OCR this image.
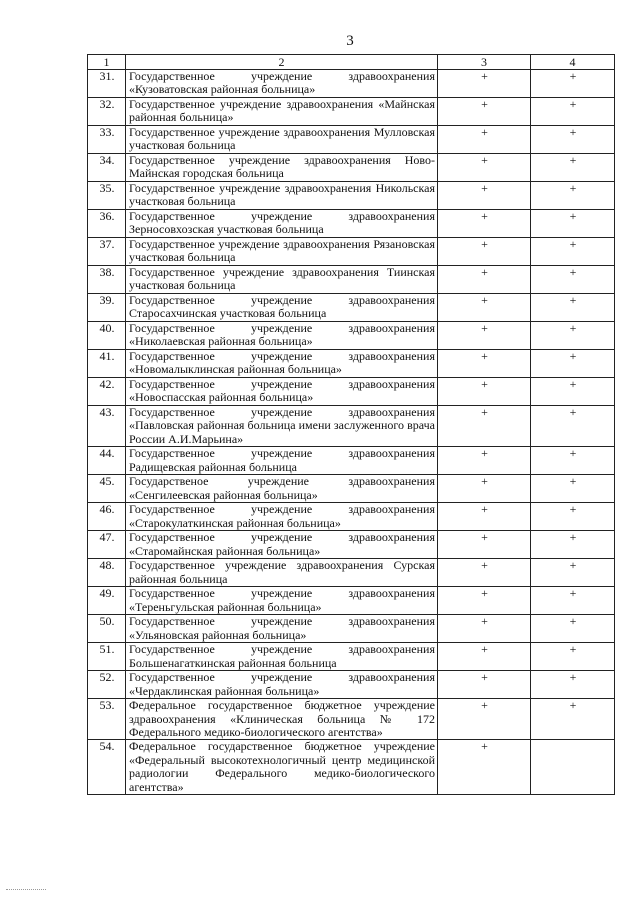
3
1	2	3	4
31.	Государственное учреждение здравоохранения «Кузоватовская районная больница»	+	+
32.	Государственное учреждение здравоохранения «Майнская районная больница»	+	+
33.	Государственное учреждение здравоохранения Мулловская участковая больница	+	+
34.	Государственное учреждение здравоохранения Ново-Майнская городская больница	+	+
35.	Государственное учреждение здравоохранения Никольская участковая больница	+	+
36.	Государственное учреждение здравоохранения Зерносовхозская участковая больница	+	+
37.	Государственное учреждение здравоохранения Рязановская участковая больница	+	+
38.	Государственное учреждение здравоохранения Тиинская участковая больница	+	+
39.	Государственное учреждение здравоохранения Старосахчинская участковая больница	+	+
40.	Государственное учреждение здравоохранения «Николаевская районная больница»	+	+
41.	Государственное учреждение здравоохранения «Новомалыклинская районная больница»	+	+
42.	Государственное учреждение здравоохранения «Новоспасская районная больница»	+	+
43.	Государственное учреждение здравоохранения «Павловская районная больница имени заслуженного врача России А.И.Марьина»	+	+
44.	Государственное учреждение здравоохранения Радищевская районная больница	+	+
45.	Государственое учреждение здравоохранения «Сенгилеевская районная больница»	+	+
46.	Государственное учреждение здравоохранения «Старокулаткинская районная больница»	+	+
47.	Государственное учреждение здравоохранения «Старомайнская районная больница»	+	+
48.	Государственное учреждение здравоохранения Сурская районная больница	+	+
49.	Государственное учреждение здравоохранения «Тереньгульская районная больница»	+	+
50.	Государственное учреждение здравоохранения «Ульяновская районная больница»	+	+
51.	Государственное учреждение здравоохранения Большенагаткинская районная больница	+	+
52.	Государственное учреждение здравоохранения «Чердаклинская районная больница»	+	+
53.	Федеральное государственное бюджетное учреждение здравоохранения «Клиническая больница № 172 Федерального медико-биологического агентства»	+	+
54.	Федеральное государственное бюджетное учреждение «Федеральный высокотехнологичный центр медицинской радиологии Федерального медико-биологического агентства»	+	
